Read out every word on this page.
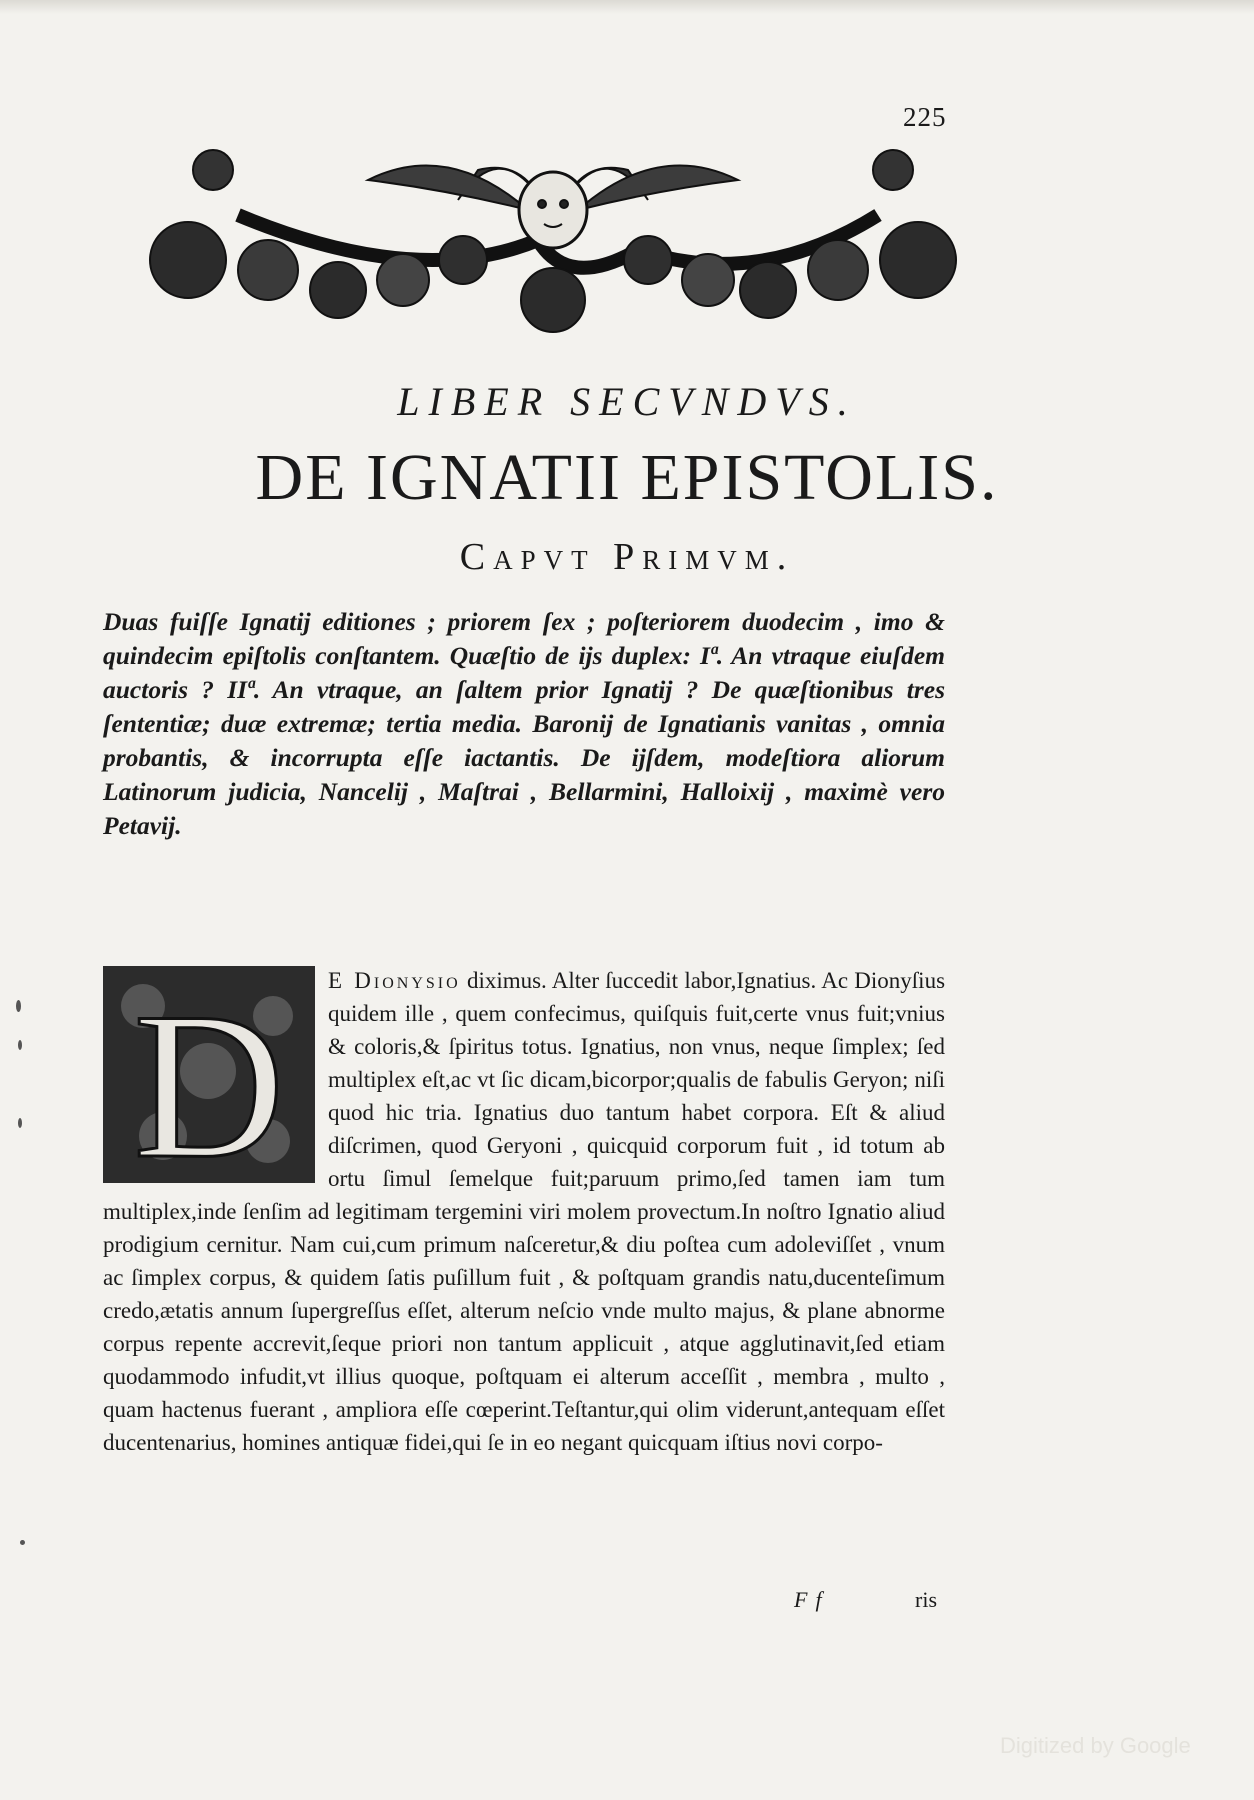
225
LIBER SECVNDVS.
DE IGNATII EPISTOLIS.
Capvt Primvm.
Duas fuiſſe Ignatij editiones ; priorem ſex ; poſteriorem duodecim , imo & quindecim epiſtolis conſtantem. Quæſtio de ijs duplex: Iª. An vtraque eiuſdem auctoris ? IIª. An vtraque, an ſaltem prior Ignatij ? De quæſtionibus tres ſententiæ; duæ extremæ; tertia media. Baronij de Ignatianis vanitas , omnia probantis, & incorrupta eſſe iactantis. De ijſdem, modeſtiora aliorum Latinorum judicia, Nancelij , Maſtrai , Bellarmini, Halloixij , maximè vero Petavij.
D	E Dionysio diximus. Alter ſuccedit labor,Ignatius. Ac Dionyſius quidem ille , quem confecimus, quiſquis fuit,certe vnus fuit;vnius & coloris,& ſpiritus totus. Ignatius, non vnus, neque ſimplex; ſed multiplex eſt,ac vt ſic dicam,bicorpor;qualis de fabulis Geryon; niſi quod hic tria. Ignatius duo tantum habet corpora. Eſt & aliud diſcrimen, quod Geryoni , quicquid corporum fuit , id totum ab ortu ſimul ſemelque fuit;paruum primo,ſed tamen iam tum multiplex,inde ſenſim ad legitimam tergemini viri molem provectum.In noſtro Ignatio aliud prodigium cernitur. Nam cui,cum primum naſceretur,& diu poſtea cum adoleviſſet , vnum ac ſimplex corpus, & quidem ſatis puſillum fuit , & poſtquam grandis natu,ducenteſimum credo,ætatis annum ſupergreſſus eſſet, alterum neſcio vnde multo majus, & plane abnorme corpus repente accrevit,ſeque priori non tantum applicuit , atque agglutinavit,ſed etiam quodammodo infudit,vt illius quoque, poſtquam ei alterum acceſſit , membra , multo , quam hactenus fuerant , ampliora eſſe cœperint.Teſtantur,qui olim viderunt,antequam eſſet ducentenarius, homines antiquæ fidei,qui ſe in eo negant quicquam iſtius novi corpo-
Ff	ris
Digitized by Google
